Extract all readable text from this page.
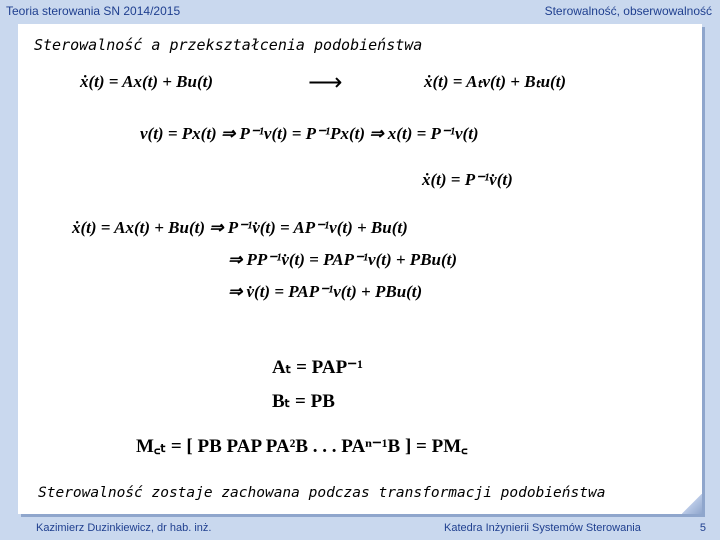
Teoria sterowania SN 2014/2015	Sterowalność, obserwowalność
Sterowalność a przekształcenia podobieństwa
ẋ(t) = Ax(t) + Bu(t)	⟶	ẋ(t) = Aₜv(t) + Bₜu(t)
v(t) = Px(t) ⇒ P⁻¹v(t) = P⁻¹Px(t) ⇒ x(t) = P⁻¹v(t)
ẋ(t) = P⁻¹v̇(t)
ẋ(t) = Ax(t) + Bu(t) ⇒ P⁻¹v̇(t) = AP⁻¹v(t) + Bu(t)
⇒ PP⁻¹v̇(t) = PAP⁻¹v(t) + PBu(t)
⇒ v̇(t) = PAP⁻¹v(t) + PBu(t)
Aₜ = PAP⁻¹
Bₜ = PB
M꜀ₜ = [ PB PAP PA²B . . . PAⁿ⁻¹B ] = PM꜀
Sterowalność zostaje zachowana podczas transformacji podobieństwa
Kazimierz Duzinkiewicz, dr hab. inż.	Katedra Inżynierii Systemów Sterowania	5
